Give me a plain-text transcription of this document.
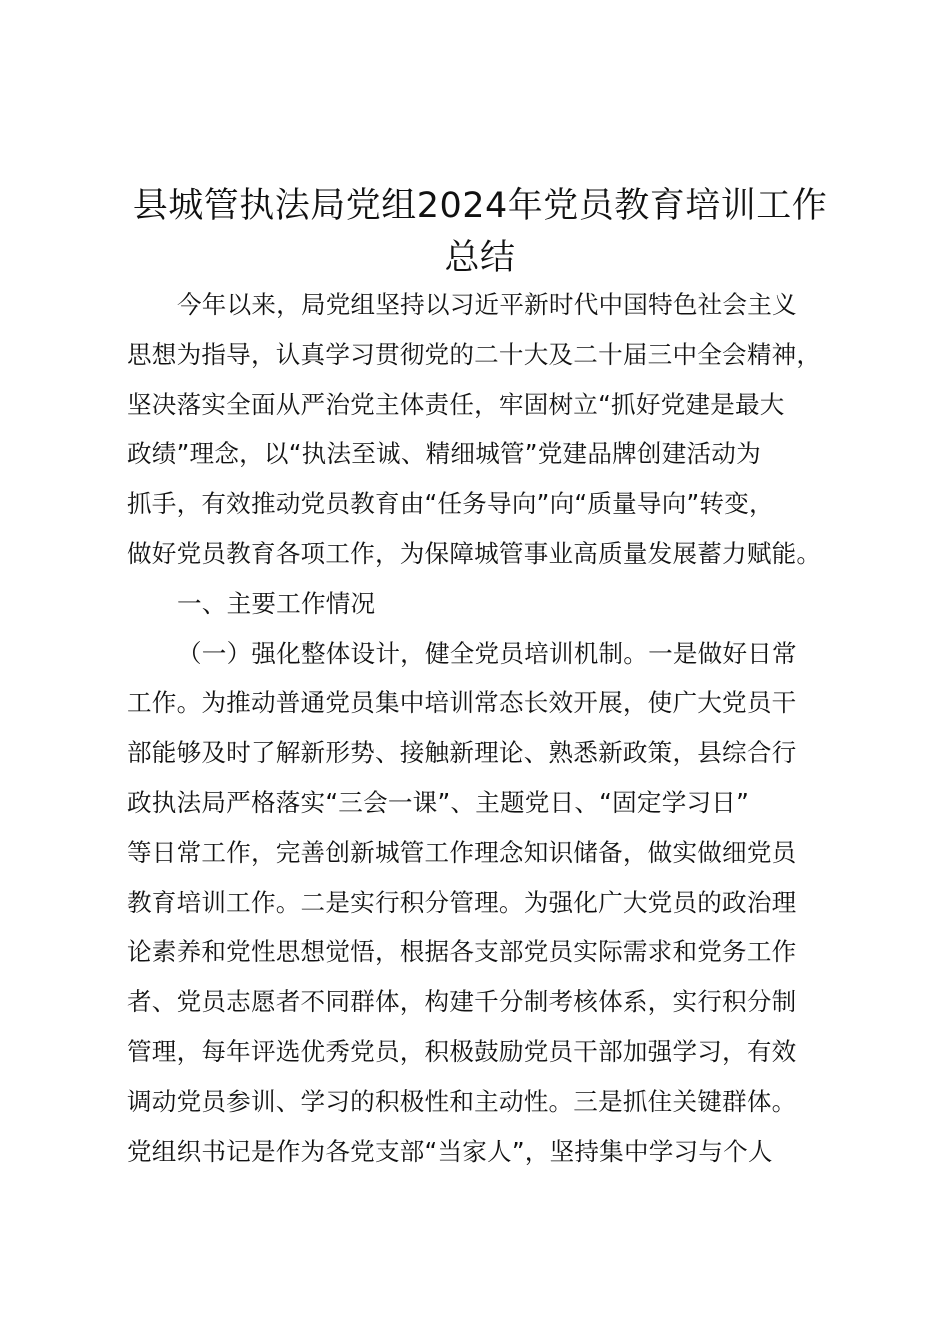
县城管执法局党组2024年党员教育培训工作
总结
今年以来，局党组坚持以习近平新时代中国特色社会主义
思想为指导，认真学习贯彻党的二十大及二十届三中全会精神，
坚决落实全面从严治党主体责任，牢固树立“抓好党建是最大
政绩”理念，以“执法至诚、精细城管”党建品牌创建活动为
抓手，有效推动党员教育由“任务导向”向“质量导向”转变，
做好党员教育各项工作，为保障城管事业高质量发展蓄力赋能。
一、主要工作情况
（一）强化整体设计，健全党员培训机制。一是做好日常
工作。为推动普通党员集中培训常态长效开展，使广大党员干
部能够及时了解新形势、接触新理论、熟悉新政策，县综合行
政执法局严格落实“三会一课”、主题党日、“固定学习日”
等日常工作，完善创新城管工作理念知识储备，做实做细党员
教育培训工作。二是实行积分管理。为强化广大党员的政治理
论素养和党性思想觉悟，根据各支部党员实际需求和党务工作
者、党员志愿者不同群体，构建千分制考核体系，实行积分制
管理，每年评选优秀党员，积极鼓励党员干部加强学习，有效
调动党员参训、学习的积极性和主动性。三是抓住关键群体。
党组织书记是作为各党支部“当家人”，坚持集中学习与个人
